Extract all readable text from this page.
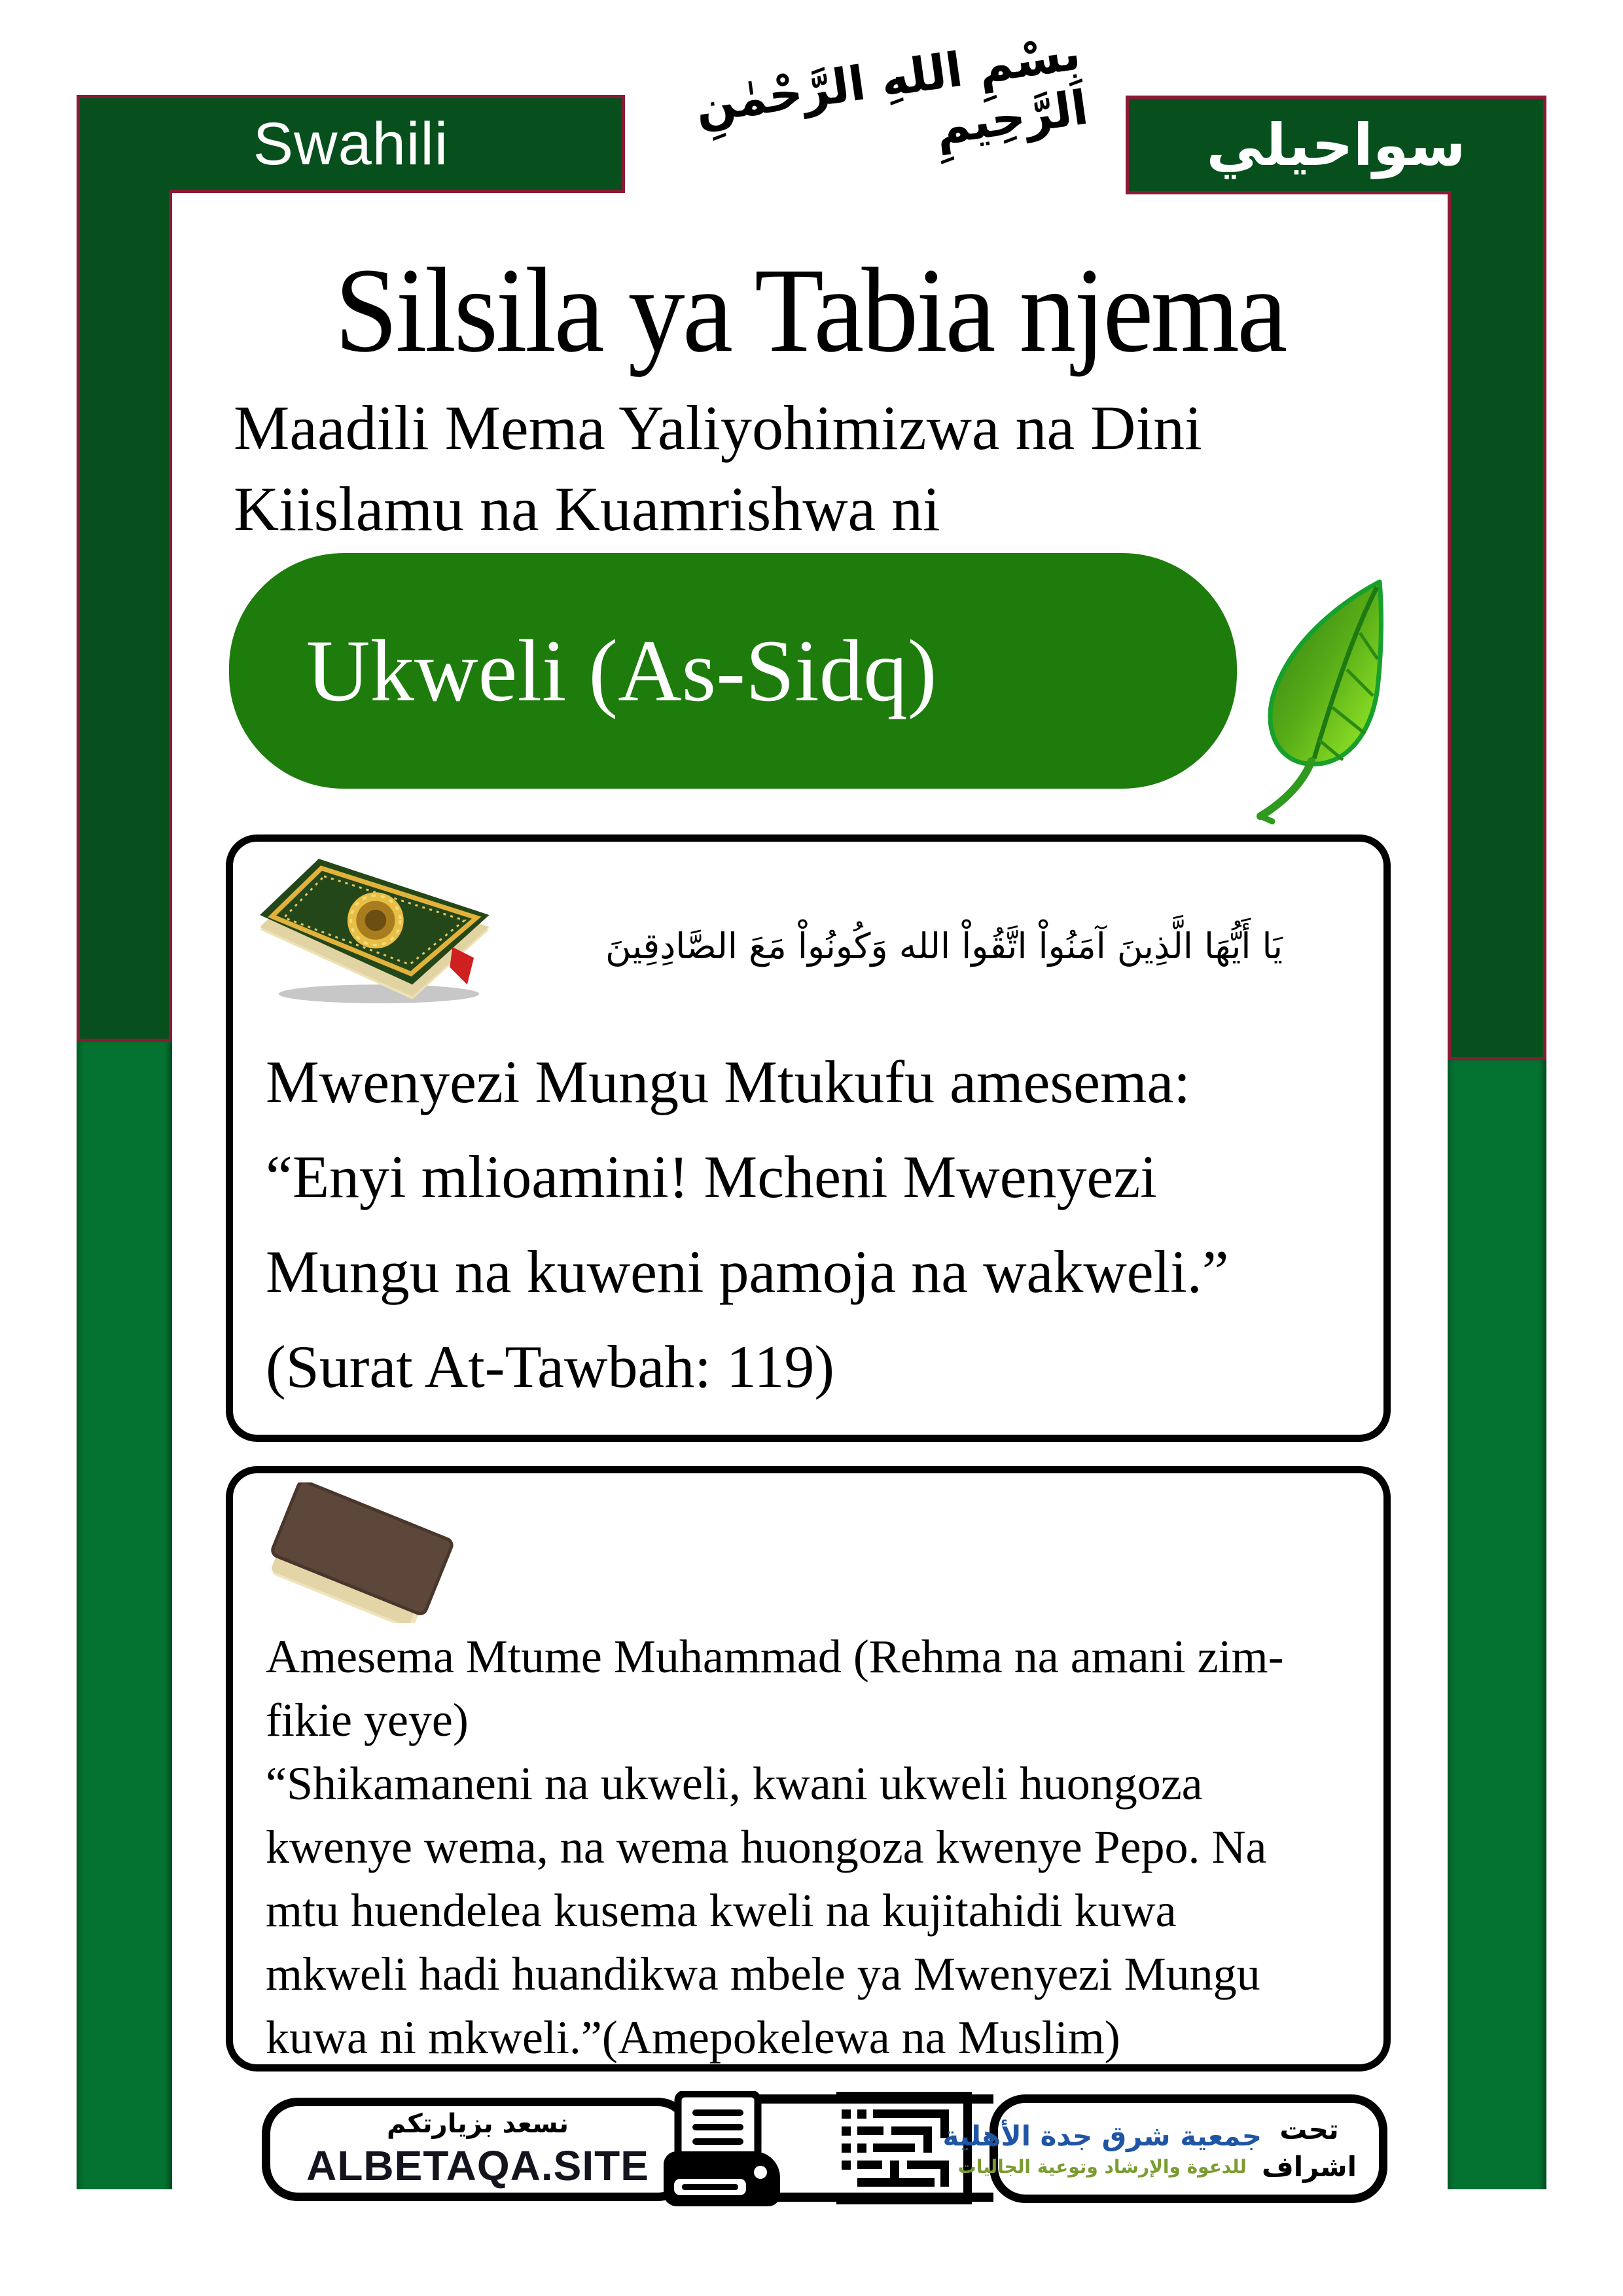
Swahili	سواحيلي
بِسْمِ اللهِ الرَّحْمٰنِ الرَّحِيمِ
Silsila ya Tabia njema
Maadili Mema Yaliyohimizwa na Dini
Kiislamu na Kuamrishwa ni
Ukweli (As-Sidq)
يَا أَيُّهَا الَّذِينَ آمَنُواْ اتَّقُواْ الله وَكُونُواْ مَعَ الصَّادِقِينَ
Mwenyezi Mungu Mtukufu amesema:
“Enyi mlioamini! Mcheni Mwenyezi
Mungu na kuweni pamoja na wakweli.”
(Surat At-Tawbah: 119)
Amesema Mtume Muhammad (Rehma na amani zim-
fikie yeye)
“Shikamaneni na ukweli, kwani ukweli huongoza
kwenye wema, na wema huongoza kwenye Pepo. Na
mtu huendelea kusema kweli na kujitahidi kuwa
mkweli hadi huandikwa mbele ya Mwenyezi Mungu
kuwa ni mkweli.”(Amepokelewa na Muslim)
نسعد بزيارتكم
ALBETAQA.SITE
تحت
اشراف
جمعية شرق جدة الأهلية
للدعوة والإرشاد وتوعية الجاليات
